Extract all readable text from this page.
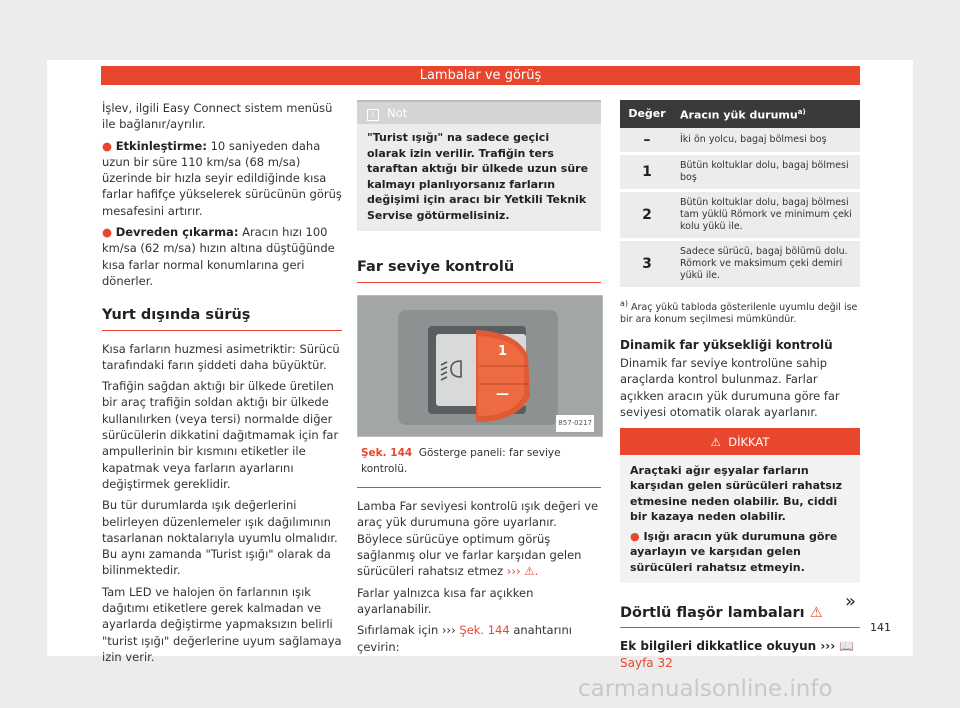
Lambalar ve görüş

İşlev, ilgili Easy Connect sistem menüsü ile bağlanır/ayrılır.

● Etkinleştirme: 10 saniyeden daha uzun bir süre 110 km/sa (68 m/sa) üzerinde bir hızla seyir edildiğinde kısa farlar hafifçe yükselerek sürücünün görüş mesafesini artırır.

● Devreden çıkarma: Aracın hızı 100 km/sa (62 m/sa) hızın altına düştüğünde kısa farlar normal konumlarına geri dönerler.

Yurt dışında sürüş

Kısa farların huzmesi asimetriktir: Sürücü tarafındaki farın şiddeti daha büyüktür.

Trafiğin sağdan aktığı bir ülkede üretilen bir araç trafiğin soldan aktığı bir ülkede kullanılırken (veya tersi) normalde diğer sürücülerin dikkatini dağıtmamak için far ampullerinin bir kısmını etiketler ile kapatmak veya farların ayarlarını değiştirmek gereklidir.

Bu tür durumlarda ışık değerlerini belirleyen düzenlemeler ışık dağılımının tasarlanan noktalarıyla uyumlu olmalıdır. Bu aynı zamanda "Turist ışığı" olarak da bilinmektedir.

Tam LED ve halojen ön farlarının ışık dağıtımı etiketlere gerek kalmadan ve ayarlarda değiştirme yapmaksızın belirli "turist ışığı" değerlerine uyum sağlamaya izin verir.

i Not
"Turist ışığı" na sadece geçici olarak izin verilir. Trafiğin ters taraftan aktığı bir ülkede uzun süre kalmayı planlıyorsanız farların değişimi için aracı bir Yetkili Teknik Servise götürmelisiniz.
Far seviye kontrolü
1
—
857-0217
Şek. 144 Gösterge paneli: far seviye kontrolü.

Lamba Far seviyesi kontrolü ışık değeri ve araç yük durumuna göre uyarlanır. Böylece sürücüye optimum görüş sağlanmış olur ve farlar karşıdan gelen sürücüleri rahatsız etmez ››› ⚠.

Farlar yalnızca kısa far açıkken ayarlanabilir.

Sıfırlamak için ››› Şek. 144 anahtarını çevirin:

Değer	Aracın yük durumu$^{a)}$
–	İki ön yolcu, bagaj bölmesi boş
1	Bütün koltuklar dolu, bagaj bölmesi boş
2	Bütün koltuklar dolu, bagaj bölmesi tam yüklü Römork ve minimum çeki kolu yükü ile.
3	Sadece sürücü, bagaj bölümü dolu. Römork ve maksimum çeki demiri yükü ile.
$^{a)}$ Araç yükü tabloda gösterilenle uyumlu değil ise bir ara konum seçilmesi mümkündür.
Dinamik far yüksekliği kontrolü

Dinamik far seviye kontrolüne sahip araçlarda kontrol bulunmaz. Farlar açıkken aracın yük durumuna göre far seviyesi otomatik olarak ayarlanır.

⚠ DİKKAT
Araçtaki ağır eşyalar farların karşıdan gelen sürücüleri rahatsız etmesine neden olabilir. Bu, ciddi bir kazaya neden olabilir.
● Işığı aracın yük durumuna göre ayarlayın ve karşıdan gelen sürücüleri rahatsız etmeyin.
Dörtlü flaşör lambaları ⚠
Ek bilgileri dikkatlice okuyun ››› 📖 Sayfa 32
»
141
carmanualsonline.info
